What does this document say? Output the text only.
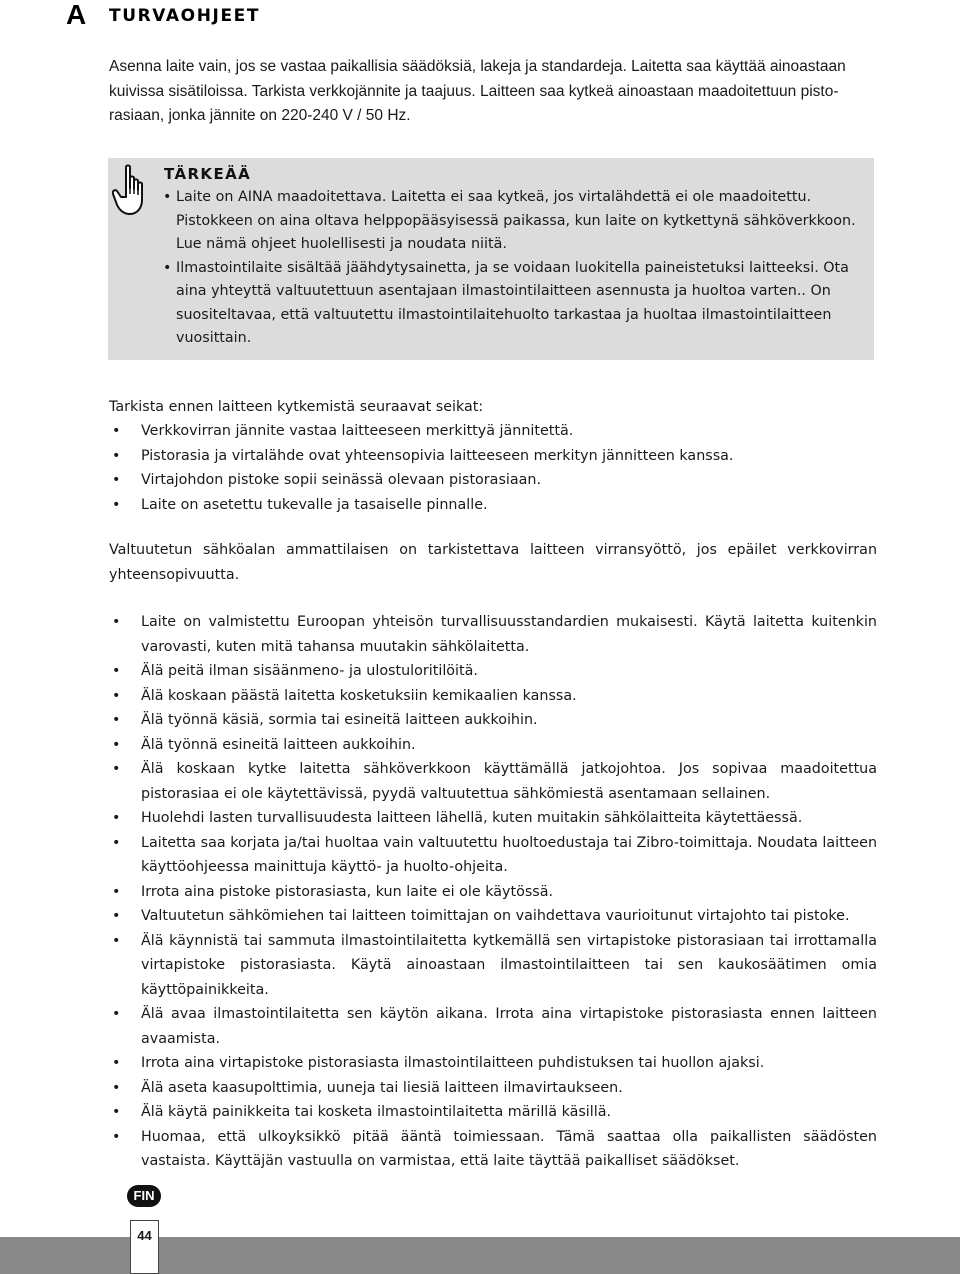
A TURVAOHJEET

Asenna laite vain, jos se vastaa paikallisia säädöksiä, lakeja ja standardeja. Laitetta saa käyttää ainoastaan

kuivissa sisätiloissa. Tarkista verkkojännite ja taajuus. Laitteen saa kytkeä ainoastaan maadoitettuun pisto-

rasiaan, jonka jännite on 220-240 V / 50 Hz.

TÄRKEÄÄ
• Laite on AINA maadoitettava. Laitetta ei saa kytkeä, jos virtalähdettä ei ole maadoitettu.
Pistokkeen on aina oltava helppopääsyisessä paikassa, kun laite on kytkettynä sähköverkkoon.
Lue nämä ohjeet huolellisesti ja noudata niitä.
• Ilmastointilaite sisältää jäähdytysainetta, ja se voidaan luokitella paineistetuksi laitteeksi. Ota
aina yhteyttä valtuutettuun asentajaan ilmastointilaitteen asennusta ja huoltoa varten.. On
suositeltavaa, että valtuutettu ilmastointilaitehuolto tarkastaa ja huoltaa ilmastointilaitteen
vuosittain.

Tarkista ennen laitteen kytkemistä seuraavat seikat:

• Verkkovirran jännite vastaa laitteeseen merkittyä jännitettä.
• Pistorasia ja virtalähde ovat yhteensopivia laitteeseen merkityn jännitteen kanssa.
• Virtajohdon pistoke sopii seinässä olevaan pistorasiaan.
• Laite on asetettu tukevalle ja tasaiselle pinnalle.

Valtuutetun sähköalan ammattilaisen on tarkistettava laitteen virransyöttö, jos epäilet verkkovirran yhteensopivuutta.

• Laite on valmistettu Euroopan yhteisön turvallisuusstandardien mukaisesti. Käytä laitetta kuitenkin varovasti, kuten mitä tahansa muutakin sähkölaitetta.
• Älä peitä ilman sisäänmeno- ja ulostuloritilöitä.
• Älä koskaan päästä laitetta kosketuksiin kemikaalien kanssa.
• Älä työnnä käsiä, sormia tai esineitä laitteen aukkoihin.
• Älä työnnä esineitä laitteen aukkoihin.
• Älä koskaan kytke laitetta sähköverkkoon käyttämällä jatkojohtoa. Jos sopivaa maadoitettua pistorasiaa ei ole käytettävissä, pyydä valtuutettua sähkömiestä asentamaan sellainen.
• Huolehdi lasten turvallisuudesta laitteen lähellä, kuten muitakin sähkölaitteita käytettäessä.
• Laitetta saa korjata ja/tai huoltaa vain valtuutettu huoltoedustaja tai Zibro-toimittaja. Noudata laitteen käyttöohjeessa mainittuja käyttö- ja huolto-ohjeita.
• Irrota aina pistoke pistorasiasta, kun laite ei ole käytössä.
• Valtuutetun sähkömiehen tai laitteen toimittajan on vaihdettava vaurioitunut virtajohto tai pistoke.
• Älä käynnistä tai sammuta ilmastointilaitetta kytkemällä sen virtapistoke pistorasiaan tai irrottamalla virtapistoke pistorasiasta. Käytä ainoastaan ilmastointilaitteen tai sen kaukosäätimen omia käyttöpainikkeita.
• Älä avaa ilmastointilaitetta sen käytön aikana. Irrota aina virtapistoke pistorasiasta ennen laitteen avaamista.
• Irrota aina virtapistoke pistorasiasta ilmastointilaitteen puhdistuksen tai huollon ajaksi.
• Älä aseta kaasupolttimia, uuneja tai liesiä laitteen ilmavirtaukseen.
• Älä käytä painikkeita tai kosketa ilmastointilaitetta märillä käsillä.
• Huomaa, että ulkoyksikkö pitää ääntä toimiessaan. Tämä saattaa olla paikallisten säädösten vastaista. Käyttäjän vastuulla on varmistaa, että laite täyttää paikalliset säädökset.
FIN
44
